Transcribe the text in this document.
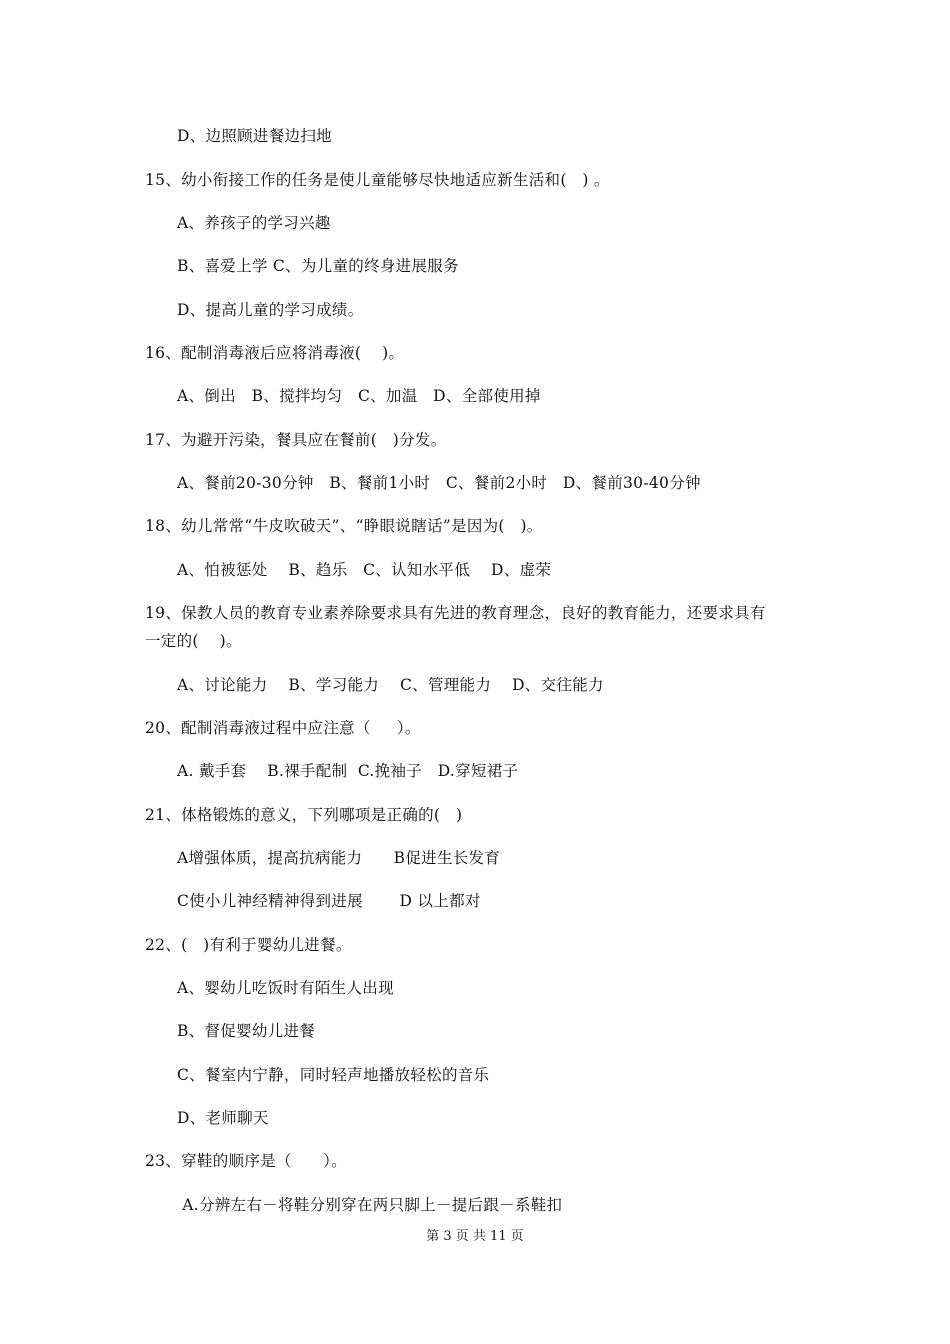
D、边照顾进餐边扫地
15、幼小衔接工作的任务是使儿童能够尽快地适应新生活和(   ) 。
A、养孩子的学习兴趣
B、喜爱上学 C、为儿童的终身进展服务
D、提高儿童的学习成绩。
16、配制消毒液后应将消毒液(    )。
A、倒出   B、搅拌均匀   C、加温   D、全部使用掉
17、为避开污染，餐具应在餐前(   )分发。
A、餐前20-30分钟   B、餐前1小时   C、餐前2小时   D、餐前30-40分钟
18、幼儿常常“牛皮吹破天”、“睁眼说瞎话”是因为(   )。
A、怕被惩处    B、趋乐   C、认知水平低    D、虚荣
19、保教人员的教育专业素养除要求具有先进的教育理念，良好的教育能力，还要求具有
一定的(    )。
A、讨论能力    B、学习能力    C、管理能力    D、交往能力
20、配制消毒液过程中应注意（     ）。
A. 戴手套    B.裸手配制  C.挽袖子   D.穿短裙子
21、体格锻炼的意义，下列哪项是正确的(   )
A增强体质，提高抗病能力      B促进生长发育
C使小儿神经精神得到进展       D 以上都对
22、(   )有利于婴幼儿进餐。
A、婴幼儿吃饭时有陌生人出现
B、督促婴幼儿进餐
C、餐室内宁静，同时轻声地播放轻松的音乐
D、老师聊天
23、穿鞋的顺序是（      ）。
A.分辨左右－将鞋分别穿在两只脚上－提后跟－系鞋扣
第 3 页 共 11 页
